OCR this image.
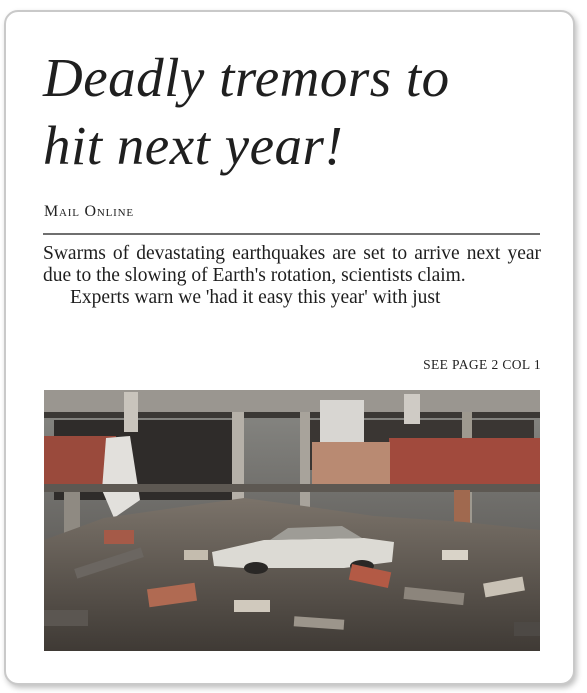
Deadly tremors to
hit next year!
Mail Online

Swarms of devastating earthquakes are set to arrive next year due to the slowing of Earth's rotation, scientists claim.

Experts warn we 'had it easy this year' with just

SEE PAGE 2 COL 1
